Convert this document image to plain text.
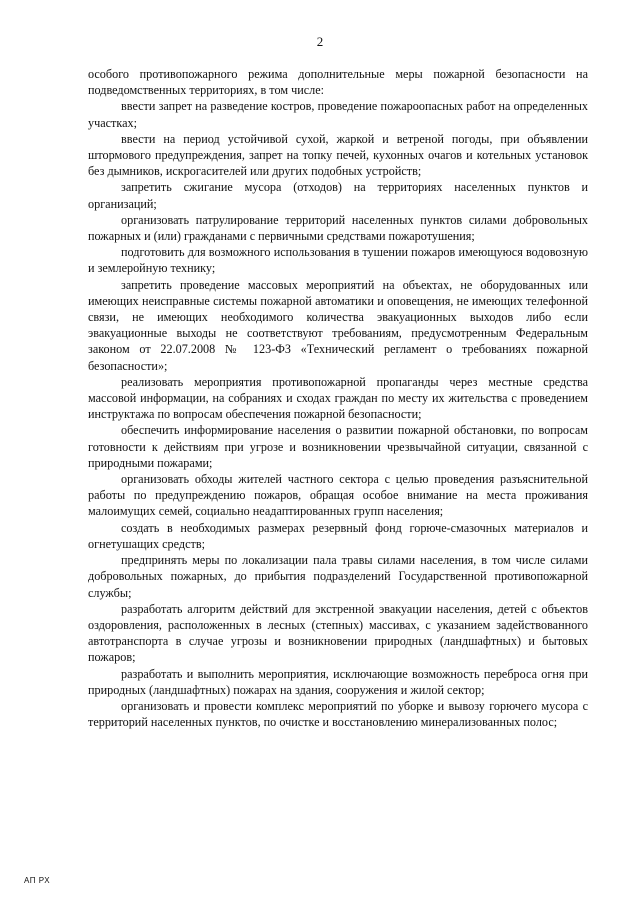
2

особого противопожарного режима дополнительные меры пожарной безопасности на подведомственных территориях, в том числе:

ввести запрет на разведение костров, проведение пожароопасных работ на определенных участках;

ввести на период устойчивой сухой, жаркой и ветреной погоды, при объявлении штормового предупреждения, запрет на топку печей, кухонных очагов и котельных установок без дымников, искрогасителей или других подобных устройств;

запретить сжигание мусора (отходов) на территориях населенных пунктов и организаций;

организовать патрулирование территорий населенных пунктов силами добровольных пожарных и (или) гражданами с первичными средствами пожаротушения;

подготовить для возможного использования в тушении пожаров имеющуюся водовозную и землеройную технику;

запретить проведение массовых мероприятий на объектах, не оборудованных или имеющих неисправные системы пожарной автоматики и оповещения, не имеющих телефонной связи, не имеющих необходимого количества эвакуационных выходов либо если эвакуационные выходы не соответствуют требованиям, предусмотренным Федеральным законом от 22.07.2008 № 123-ФЗ «Технический регламент о требованиях пожарной безопасности»;

реализовать мероприятия противопожарной пропаганды через местные средства массовой информации, на собраниях и сходах граждан по месту их жительства с проведением инструктажа по вопросам обеспечения пожарной безопасности;

обеспечить информирование населения о развитии пожарной обстановки, по вопросам готовности к действиям при угрозе и возникновении чрезвычайной ситуации, связанной с природными пожарами;

организовать обходы жителей частного сектора с целью проведения разъяснительной работы по предупреждению пожаров, обращая особое внимание на места проживания малоимущих семей, социально неадаптированных групп населения;

создать в необходимых размерах резервный фонд горюче-смазочных материалов и огнетушащих средств;

предпринять меры по локализации пала травы силами населения, в том числе силами добровольных пожарных, до прибытия подразделений Государственной противопожарной службы;

разработать алгоритм действий для экстренной эвакуации населения, детей с объектов оздоровления, расположенных в лесных (степных) массивах, с указанием задействованного автотранспорта в случае угрозы и возникновении природных (ландшафтных) и бытовых пожаров;

разработать и выполнить мероприятия, исключающие возможность переброса огня при природных (ландшафтных) пожарах на здания, сооружения и жилой сектор;

организовать и провести комплекс мероприятий по уборке и вывозу горючего мусора с территорий населенных пунктов, по очистке и восстановлению минерализованных полос;

АП РХ
